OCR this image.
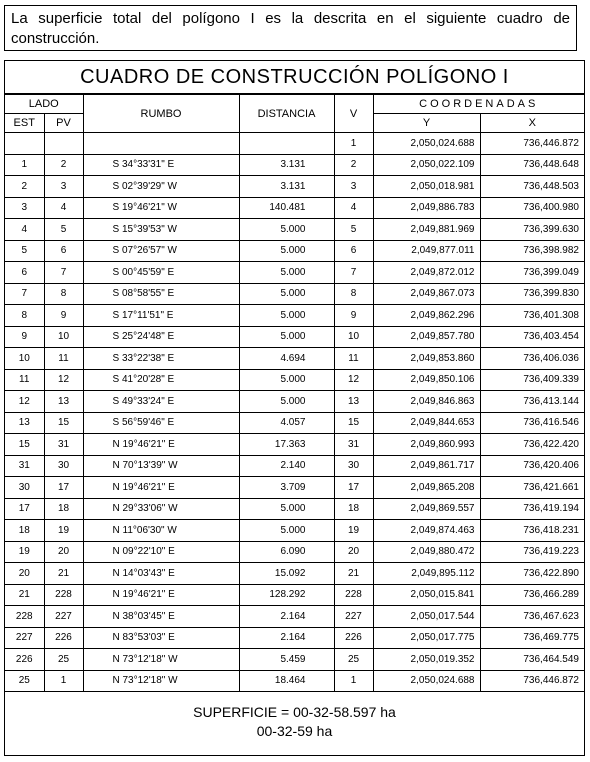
La superficie total del polígono I es la descrita en el siguiente cuadro de construcción.
CUADRO DE CONSTRUCCIÓN POLÍGONO I
LADO		RUMBO	DISTANCIA	V	COORDENADAS	
EST	PV				Y	X
				1	2,050,024.688	736,446.872
1	2	S 34°33'31" E	3.131	2	2,050,022.109	736,448.648
2	3	S 02°39'29" W	3.131	3	2,050,018.981	736,448.503
3	4	S 19°46'21" W	140.481	4	2,049,886.783	736,400.980
4	5	S 15°39'53" W	5.000	5	2,049,881.969	736,399.630
5	6	S 07°26'57" W	5.000	6	2,049,877.011	736,398.982
6	7	S 00°45'59" E	5.000	7	2,049,872.012	736,399.049
7	8	S 08°58'55" E	5.000	8	2,049,867.073	736,399.830
8	9	S 17°11'51" E	5.000	9	2,049,862.296	736,401.308
9	10	S 25°24'48" E	5.000	10	2,049,857.780	736,403.454
10	11	S 33°22'38" E	4.694	11	2,049,853.860	736,406.036
11	12	S 41°20'28" E	5.000	12	2,049,850.106	736,409.339
12	13	S 49°33'24" E	5.000	13	2,049,846.863	736,413.144
13	15	S 56°59'46" E	4.057	15	2,049,844.653	736,416.546
15	31	N 19°46'21" E	17.363	31	2,049,860.993	736,422.420
31	30	N 70°13'39" W	2.140	30	2,049,861.717	736,420.406
30	17	N 19°46'21" E	3.709	17	2,049,865.208	736,421.661
17	18	N 29°33'06" W	5.000	18	2,049,869.557	736,419.194
18	19	N 11°06'30" W	5.000	19	2,049,874.463	736,418.231
19	20	N 09°22'10" E	6.090	20	2,049,880.472	736,419.223
20	21	N 14°03'43" E	15.092	21	2,049,895.112	736,422.890
21	228	N 19°46'21" E	128.292	228	2,050,015.841	736,466.289
228	227	N 38°03'45" E	2.164	227	2,050,017.544	736,467.623
227	226	N 83°53'03" E	2.164	226	2,050,017.775	736,469.775
226	25	N 73°12'18" W	5.459	25	2,050,019.352	736,464.549
25	1	N 73°12'18" W	18.464	1	2,050,024.688	736,446.872
SUPERFICIE = 00-32-58.597 ha
00-32-59 ha
